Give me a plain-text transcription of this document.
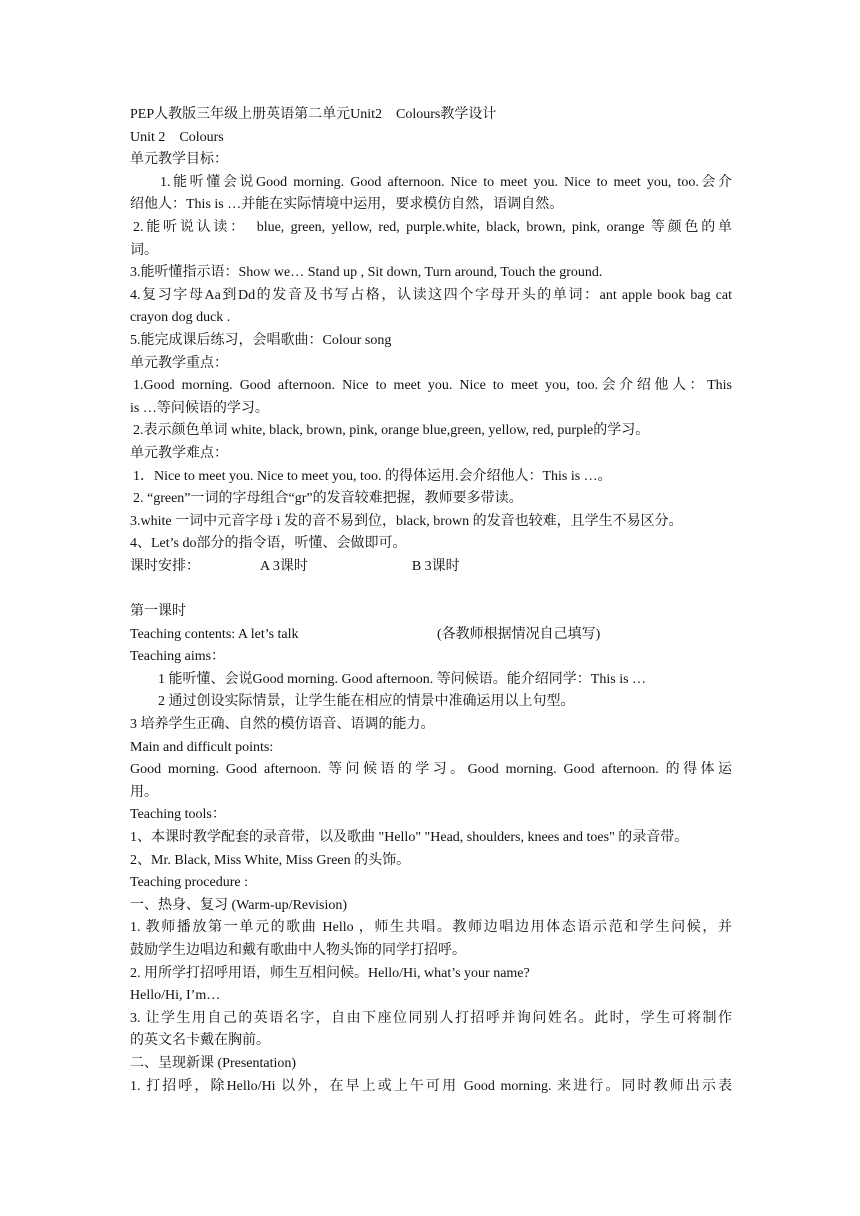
PEP人教版三年级上册英语第二单元Unit2　Colours教学设计
Unit 2　Colours
单元教学目标：
1.能听懂会说Good morning. Good afternoon. Nice to meet you. Nice to meet you, too.会介
绍他人：This is …并能在实际情境中运用，要求模仿自然，语调自然。
2.能听说认读：　blue, green, yellow, red, purple.white, black, brown, pink, orange 等颜色的单
词。
3.能听懂指示语：Show we… Stand up , Sit down, Turn around, Touch the ground.
4.复习字母Aa到Dd的发音及书写占格，认读这四个字母开头的单词：ant apple book bag cat
crayon dog duck .
5.能完成课后练习，会唱歌曲：Colour song
单元教学重点：
1.Good morning. Good afternoon. Nice to meet you. Nice to meet you, too.会介绍他人：This
is …等问候语的学习。
2.表示颜色单词 white, black, brown, pink, orange blue,green, yellow, red, purple的学习。
单元教学难点：
1．Nice to meet you. Nice to meet you, too. 的得体运用.会介绍他人：This is …。
2. “green”一词的字母组合“gr”的发音较难把握，教师要多带读。
3.white 一词中元音字母 i 发的音不易到位，black, brown 的发音也较难，且学生不易区分。
4、Let’s do部分的指令语，听懂、会做即可。
课时安排：	A 3课时	B 3课时
第一课时
Teaching contents: A let’s talk	(各教师根据情况自己填写)
Teaching aims：
1 能听懂、会说Good morning. Good afternoon. 等问候语。能介绍同学：This is …
2 通过创设实际情景，让学生能在相应的情景中准确运用以上句型。
3 培养学生正确、自然的模仿语音、语调的能力。
Main and difficult points:
Good morning. Good afternoon. 等问候语的学习。Good morning. Good afternoon. 的得体运
用。
Teaching tools：
1、本课时教学配套的录音带，以及歌曲 "Hello" "Head, shoulders, knees and toes" 的录音带。
2、Mr. Black, Miss White, Miss Green 的头饰。
Teaching procedure :
一、热身、复习 (Warm-up/Revision)
1. 教师播放第一单元的歌曲 Hello ，师生共唱。教师边唱边用体态语示范和学生问候，并
鼓励学生边唱边和戴有歌曲中人物头饰的同学打招呼。
2. 用所学打招呼用语，师生互相问候。Hello/Hi, what’s your name?
Hello/Hi, I’m…
3. 让学生用自己的英语名字，自由下座位同别人打招呼并询问姓名。此时，学生可将制作
的英文名卡戴在胸前。
二、呈现新课 (Presentation)
1. 打招呼，除Hello/Hi 以外，在早上或上午可用 Good morning. 来进行。同时教师出示表
